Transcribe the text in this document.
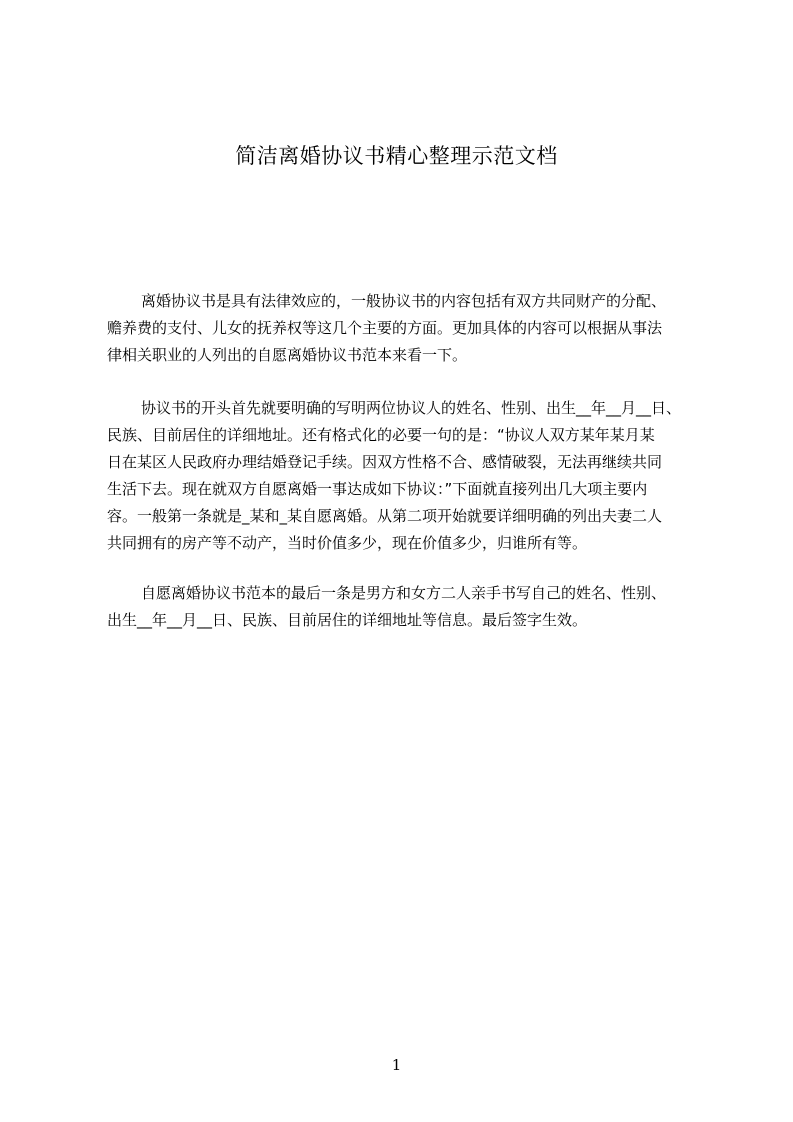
简洁离婚协议书精心整理示范文档
离婚协议书是具有法律效应的，一般协议书的内容包括有双方共同财产的分配、
赡养费的支付、儿女的抚养权等这几个主要的方面。更加具体的内容可以根据从事法
律相关职业的人列出的自愿离婚协议书范本来看一下。
协议书的开头首先就要明确的写明两位协议人的姓名、性别、出生__年__月__日、
民族、目前居住的详细地址。还有格式化的必要一句的是：“协议人双方某年某月某
日在某区人民政府办理结婚登记手续。因双方性格不合、感情破裂，无法再继续共同
生活下去。现在就双方自愿离婚一事达成如下协议：”下面就直接列出几大项主要内
容。一般第一条就是_某和_某自愿离婚。从第二项开始就要详细明确的列出夫妻二人
共同拥有的房产等不动产，当时价值多少，现在价值多少，归谁所有等。
自愿离婚协议书范本的最后一条是男方和女方二人亲手书写自己的姓名、性别、
出生__年__月__日、民族、目前居住的详细地址等信息。最后签字生效。
1
